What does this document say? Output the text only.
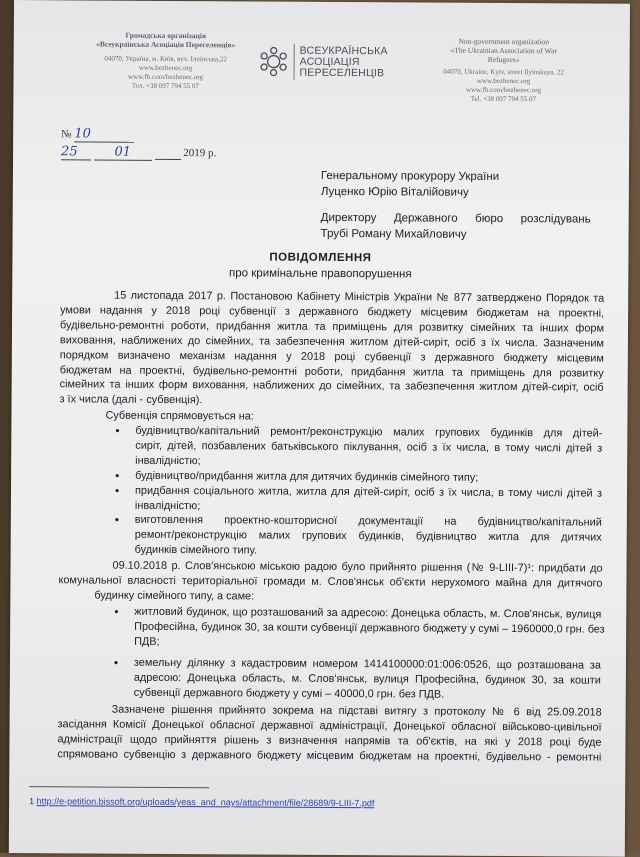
Громадська організація
«Всеукраїнська Асоціація Переселенців»
04070, Україна, м. Київ, вул. Іллінська,22
www.bezhenec.org
www.fb.com/bezhenec.org
Тел. +38 097 794 55 07
ВСЕУКРАЇНСЬКА
АСОЦІАЦІЯ
ПЕРЕСЕЛЕНЦІВ
Non-government organization
«The Ukrainian Association of War
Refugees»
04070, Ukraine, Kyiv, street Ilyinskaya, 22
www.bezhenec.org
www.fb.com/bezhenec.org
Tel. +38 097 794 55 07
№ 10
25	01	2019 р.
Генеральному прокурору України
Луценко Юрію Віталійовичу
Директору Державного бюро розслідувань
Трубі Роману Михайловичу
ПОВІДОМЛЕННЯ
про кримінальне правопорушення
15 листопада 2017 р. Постановою Кабінету Міністрів України № 877 затверджено Порядок та
умови надання у 2018 році субвенції з державного бюджету місцевим бюджетам на проектні,
будівельно-ремонтні роботи, придбання житла та приміщень для розвитку сімейних та інших форм
виховання, наближених до сімейних, та забезпечення житлом дітей-сиріт, осіб з їх числа. Зазначеним
порядком визначено механізм надання у 2018 році субвенції з державного бюджету місцевим
бюджетам на проектні, будівельно-ремонтні роботи, придбання житла та приміщень для розвитку
сімейних та інших форм виховання, наближених до сімейних, та забезпечення житлом дітей-сиріт, осіб
з їх числа (далі - субвенція).
Субвенція спрямовується на:
• будівництво/капітальний ремонт/реконструкцію малих групових будинків для дітей-
сиріт, дітей, позбавлених батьківського піклування, осіб з їх числа, в тому числі дітей з
інвалідністю;
• будівництво/придбання житла для дитячих будинків сімейного типу;
• придбання соціального житла, житла для дітей-сиріт, осіб з їх числа, в тому числі дітей з
інвалідністю;
• виготовлення проектно-кошторисної документації на будівництво/капітальний
ремонт/реконструкцію малих групових будинків, будівництво житла для дитячих
будинків сімейного типу.
09.10.2018 р. Слов'янською міською радою було прийнято рішення (№ 9-LIII-7)¹: придбати до
комунальної власності територіальної громади м. Слов'янськ об'єкти нерухомого майна для дитячого
будинку сімейного типу, а саме:
• житловий будинок, що розташований за адресою: Донецька область, м. Слов'янськ, вулиця
Професійна, будинок 30, за кошти субвенції державного бюджету у сумі – 1960000,0 грн. без
ПДВ;
• земельну ділянку з кадастровим номером 1414100000:01:006:0526, що розташована за
адресою: Донецька область, м. Слов'янськ, вулиця Професійна, будинок 30, за кошти
субвенції державного бюджету у сумі – 40000,0 грн. без ПДВ.
Зазначене рішення прийнято зокрема на підставі витягу з протоколу № 6 від 25.09.2018
засідання Комісії Донецької обласної державної адміністрації, Донецької обласної військово-цивільної
адміністрації щодо прийняття рішень з визначення напрямів та об'єктів, на які у 2018 році буде
спрямовано субвенцію з державного бюджету місцевим бюджетам на проектні, будівельно - ремонтні
1 http://e-petition.bissoft.org/uploads/yeas_and_nays/attachment/file/28689/9-LIII-7.pdf
